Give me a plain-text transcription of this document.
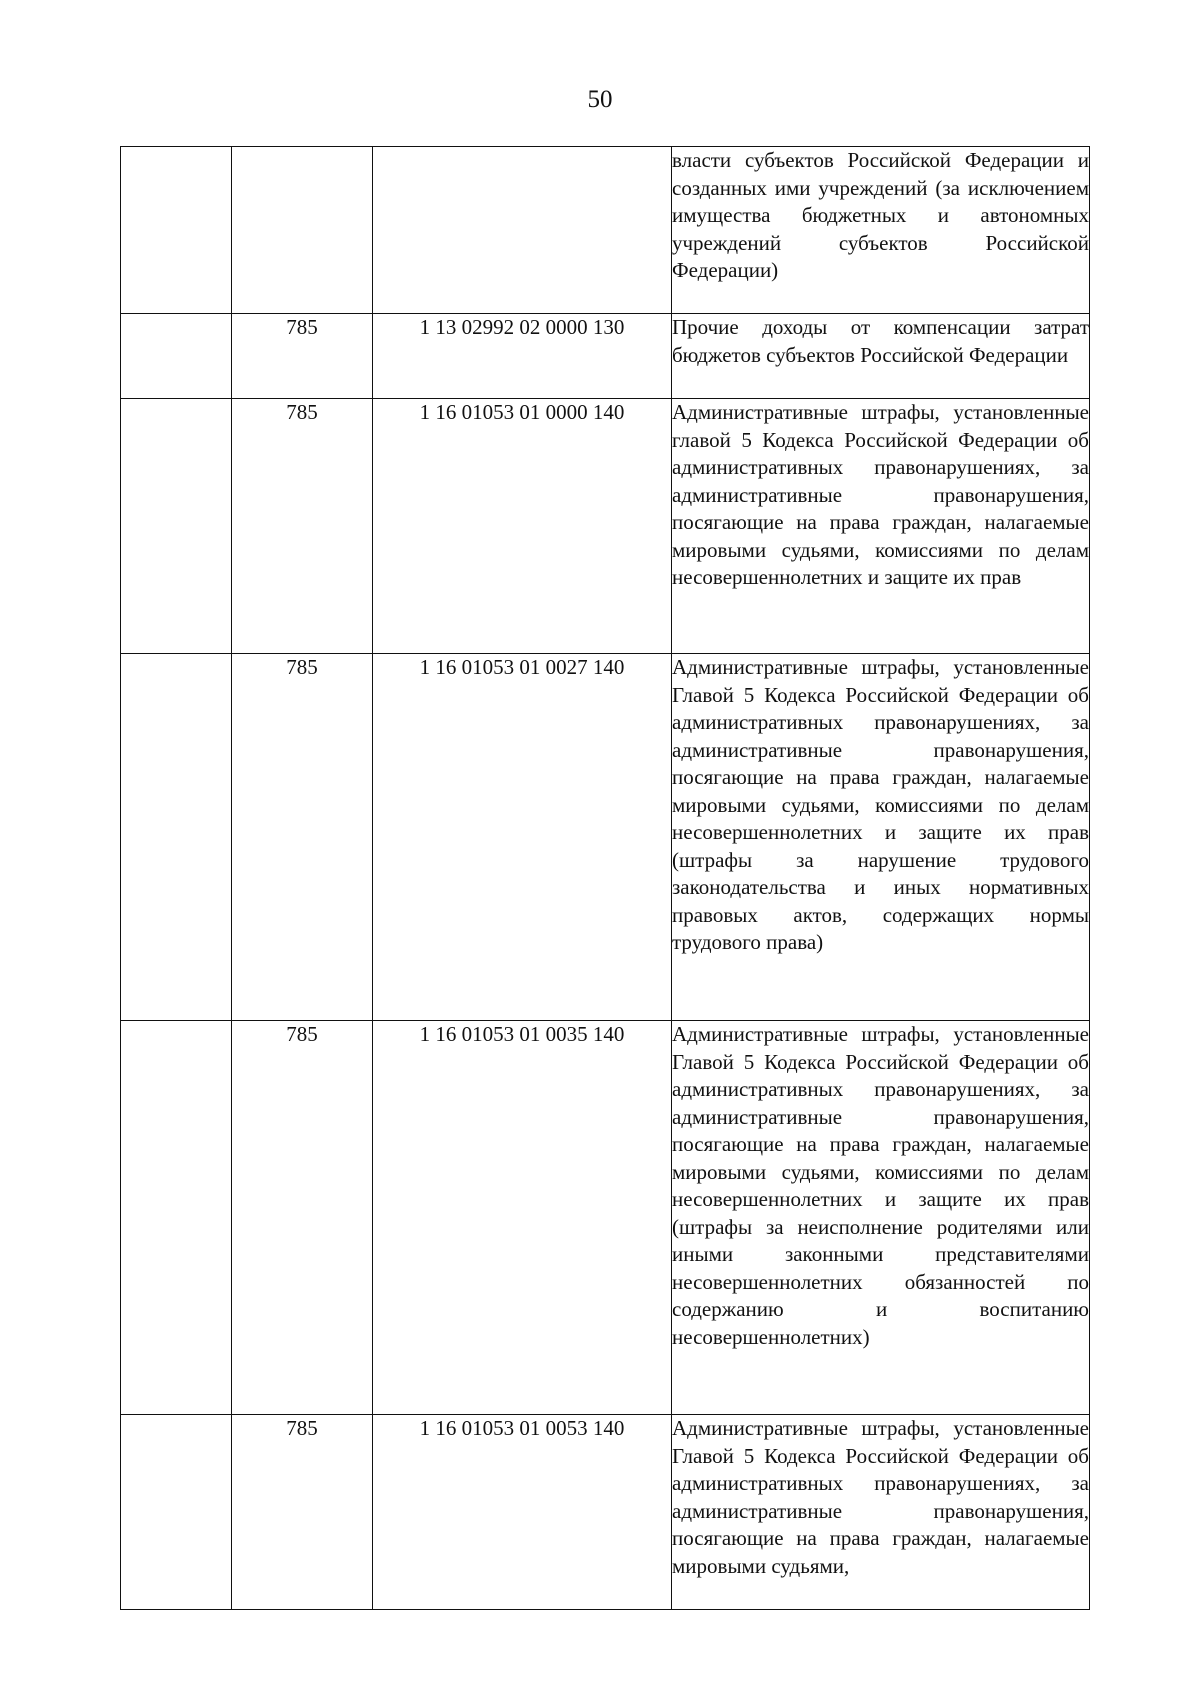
50

			власти субъектов Российской Федерации и созданных ими учреждений (за исключением имущества бюджетных и автономных учреждений субъектов Российской Федерации)

	785	1 13 02992 02 0000 130	Прочие доходы от компенсации затрат бюджетов субъектов Российской Федерации

	785	1 16 01053 01 0000 140	Административные штрафы, установленные главой 5 Кодекса Российской Федерации об административных правонарушениях, за административные правонарушения, посягающие на права граждан, налагаемые мировыми судьями, комиссиями по делам несовершеннолетних и защите их прав

	785	1 16 01053 01 0027 140	Административные штрафы, установленные Главой 5 Кодекса Российской Федерации об административных правонарушениях, за административные правонарушения, посягающие на права граждан, налагаемые мировыми судьями, комиссиями по делам несовершеннолетних и защите их прав (штрафы за нарушение трудового законодательства и иных нормативных правовых актов, содержащих нормы трудового права)

	785	1 16 01053 01 0035 140	Административные штрафы, установленные Главой 5 Кодекса Российской Федерации об административных правонарушениях, за административные правонарушения, посягающие на права граждан, налагаемые мировыми судьями, комиссиями по делам несовершеннолетних и защите их прав (штрафы за неисполнение родителями или иными законными представителями несовершеннолетних обязанностей по содержанию и воспитанию несовершеннолетних)

	785	1 16 01053 01 0053 140	Административные штрафы, установленные Главой 5 Кодекса Российской Федерации об административных правонарушениях, за административные правонарушения, посягающие на права граждан, налагаемые мировыми судьями,
